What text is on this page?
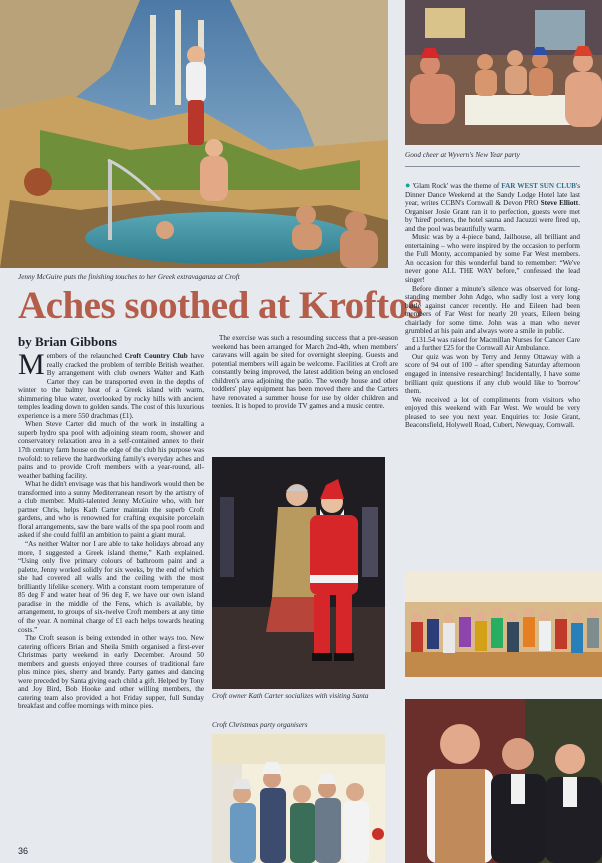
Jenny McGuire puts the finishing touches to her Greek extravaganza at Croft
Good cheer at Wyvern's New Year party
Aches soothed at Kroftos
by Brian Gibbons

Members of the relaunched Croft Country Club have really cracked the problem of terrible British weather. By arrangement with club owners Walter and Kath Carter they can be transported even in the depths of winter to the balmy heat of a Greek island with warm, shimmering blue water, overlooked by rocky hills with ancient temples leading down to golden sands. The cost of this luxurious experience is a mere 550 drachmas (£1).

When Steve Carter did much of the work in installing a superb hydro spa pool with adjoining steam room, shower and conservatory relaxation area in a self-contained annex to their 17th century farm house on the edge of the club his purpose was twofold: to relieve the hardworking family's everyday aches and pains and to provide Croft members with a year-round, all-weather bathing facility.

What he didn't envisage was that his handiwork would then be transformed into a sunny Mediterranean resort by the artistry of a club member. Multi-talented Jenny McGuire who, with her partner Chris, helps Kath Carter maintain the superb Croft gardens, and who is renowned for crafting exquisite porcelain floral arrangements, saw the bare walls of the spa pool room and asked if she could fulfil an ambition to paint a giant mural.

“As neither Walter nor I are able to take holidays abroad any more, I suggested a Greek island theme,” Kath explained. “Using only five primary colours of bathroom paint and a palette, Jenny worked solidly for six weeks, by the end of which she had covered all walls and the ceiling with the most brilliantly lifelike scenery. With a constant room temperature of 85 deg F and water heat of 96 deg F, we have our own island paradise in the middle of the Fens, which is available, by arrangement, to groups of six-twelve Croft members at any time of the year. A nominal charge of £1 each helps towards heating costs.”

The Croft season is being extended in other ways too. New catering officers Brian and Sheila Smith organised a first-ever Christmas party weekend in early December. Around 50 members and guests enjoyed three courses of traditional fare plus mince pies, sherry and brandy. Party games and dancing were preceded by Santa giving each child a gift. Helped by Tony and Joy Bird, Bob Hooke and other willing members, the catering team also provided a hot Friday supper, full Sunday breakfast and coffee mornings with mince pies.

The exercise was such a resounding success that a pre-season weekend has been arranged for March 2nd-4th, when members' caravans will again be sited for overnight sleeping. Guests and potential members will again be welcome. Facilities at Croft are constantly being improved, the latest addition being an enclosed children's area adjoining the patio. The wendy house and other toddlers' play equipment has been moved there and the Carters have renovated a summer house for use by older children and teenies. It is hoped to provide TV games and a music centre.

Croft owner Kath Carter socializes with visiting Santa
Croft Christmas party organisers

● 'Glam Rock' was the theme of FAR WEST SUN CLUB's Dinner Dance Weekend at the Sandy Lodge Hotel late last year, writes CCBN's Cornwall & Devon PRO Steve Elliott. Organiser Josie Grant ran it to perfection, guests were met by 'hired' porters, the hotel sauna and Jacuzzi were fired up, and the pool was beautifully warm.

Music was by a 4-piece band, Jailhouse, all brilliant and entertaining – who were inspired by the occasion to perform the Full Monty, accompanied by some Far West members. An occasion for this wonderful band to remember: “We've never gone ALL THE WAY before,” confessed the lead singer!

Before dinner a minute's silence was observed for long-standing member John Adgo, who sadly lost a very long battle against cancer recently. He and Eileen had been members of Far West for nearly 20 years, Eileen being chairlady for some time. John was a man who never grumbled at his pain and always wore a smile in public.

£131.54 was raised for Macmillan Nurses for Cancer Care and a further £25 for the Cornwall Air Ambulance.

Our quiz was won by Terry and Jenny Ottaway with a score of 94 out of 100 – after spending Saturday afternoon engaged in intensive researching! Incidentally, I have some brilliant quiz questions if any club would like to 'borrow' them.

We received a lot of compliments from visitors who enjoyed this weekend with Far West. We would be very pleased to see you next year. Enquiries to: Josie Grant, Beaconsfield, Holywell Road, Cubert, Newquay, Cornwall.

36
